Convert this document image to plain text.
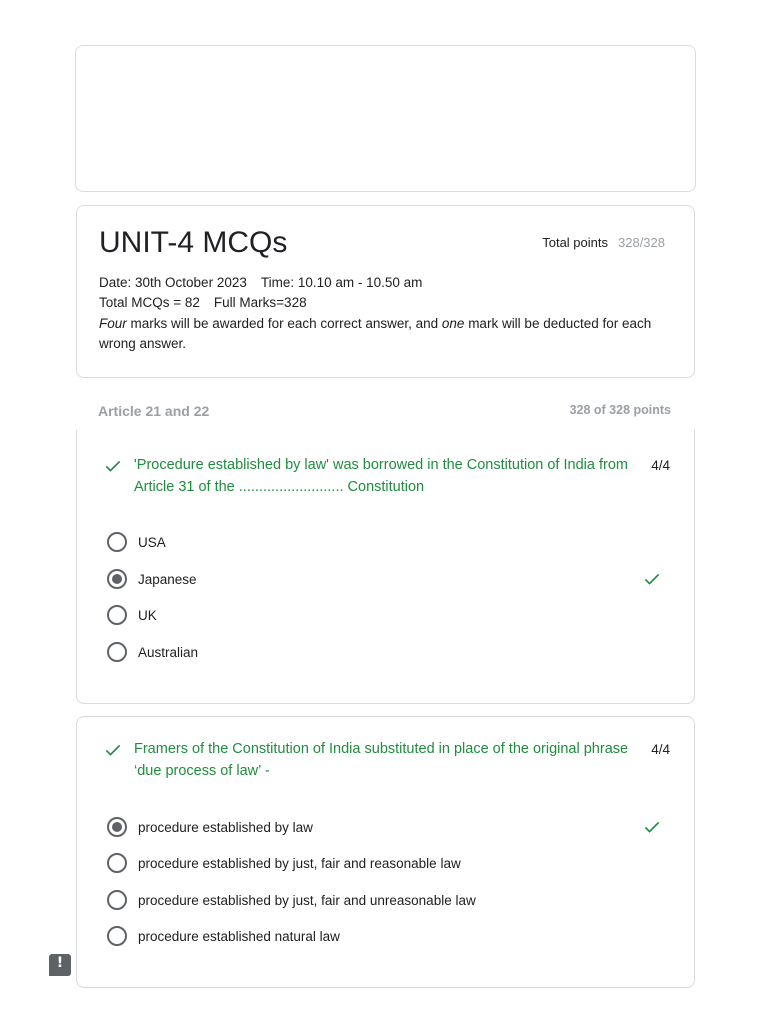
UNIT-4 MCQs	Total points 328/328
Date: 30th October 2023 Time: 10.10 am - 10.50 am
Total MCQs = 82 Full Marks=328
Four marks will be awarded for each correct answer, and one mark will be deducted for each wrong answer.
Article 21 and 22	328 of 328 points
'Procedure established by law' was borrowed in the Constitution of India from Article 31 of the .......................... Constitution
4/4
USA
Japanese
UK
Australian
Framers of the Constitution of India substituted in place of the original phrase ‘due process of law’ -
4/4
procedure established by law
procedure established by just, fair and reasonable law
procedure established by just, fair and unreasonable law
procedure established natural law
!
